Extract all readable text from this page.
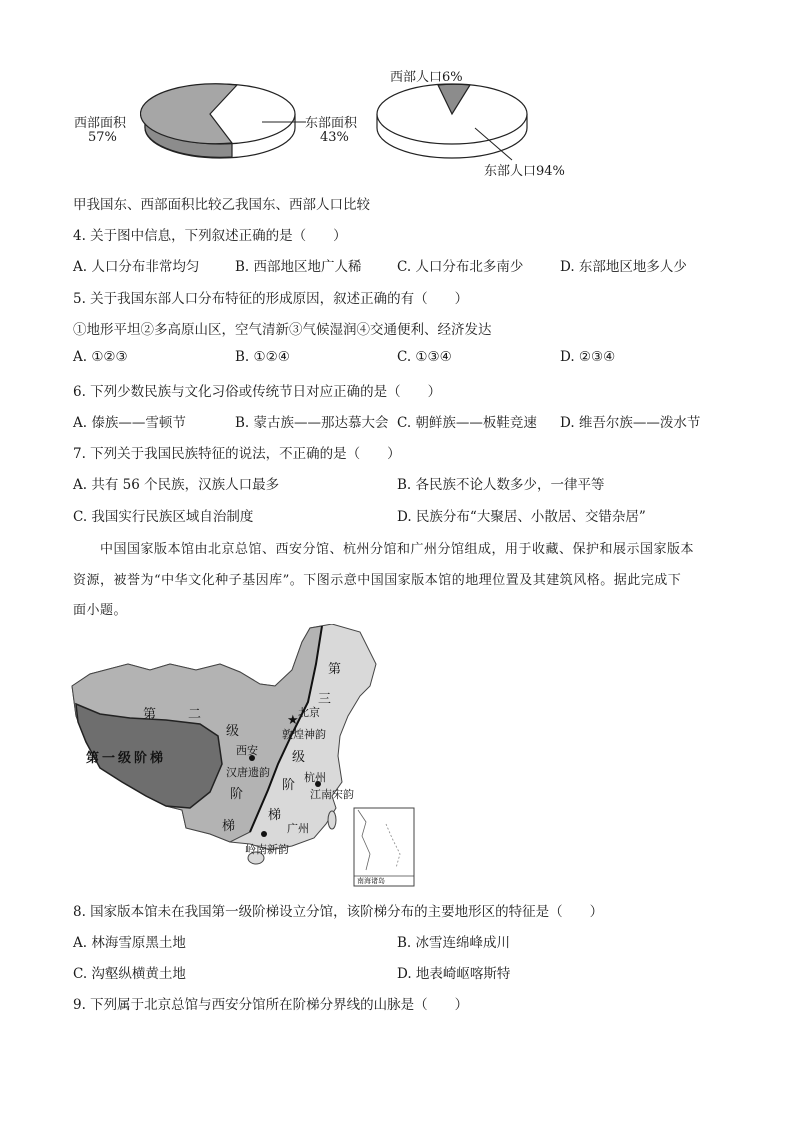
西部面积
57%
东部面积
43%
西部人口6%
东部人口94%
甲我国东、西部面积比较乙我国东、西部人口比较
4. 关于图中信息，下列叙述正确的是（　　）
A. 人口分布非常均匀	B. 西部地区地广人稀	C. 人口分布北多南少	D. 东部地区地多人少
5. 关于我国东部人口分布特征的形成原因，叙述正确的有（　　）
①地形平坦②多高原山区，空气清新③气候湿润④交通便利、经济发达
A. ①②③	B. ①②④	C. ①③④	D. ②③④
6. 下列少数民族与文化习俗或传统节日对应正确的是（　　）
A. 傣族——雪顿节	B. 蒙古族——那达慕大会 C. 朝鲜族——板鞋竞速 D. 维吾尔族——泼水节
7. 下列关于我国民族特征的说法，不正确的是（　　）
A. 共有 56 个民族，汉族人口最多	B. 各民族不论人数多少，一律平等
C. 我国实行民族区域自治制度	D. 民族分布“大聚居、小散居、交错杂居”
中国国家版本馆由北京总馆、西安分馆、杭州分馆和广州分馆组成，用于收藏、保护和展示国家版本
资源，被誉为“中华文化种子基因库”。下图示意中国国家版本馆的地理位置及其建筑风格。据此完成下
面小题。
★
第一级阶梯
第 二
级
阶
梯
第
三
级
阶
梯
北京
敦煌神韵
西安
汉唐遗韵	杭州
江南宋韵
广州
岭南新韵
南海诸岛
8. 国家版本馆未在我国第一级阶梯设立分馆，该阶梯分布的主要地形区的特征是（　　）
A. 林海雪原黑土地	B. 冰雪连绵峰成川
C. 沟壑纵横黄土地	D. 地表崎岖喀斯特
9. 下列属于北京总馆与西安分馆所在阶梯分界线的山脉是（　　）
